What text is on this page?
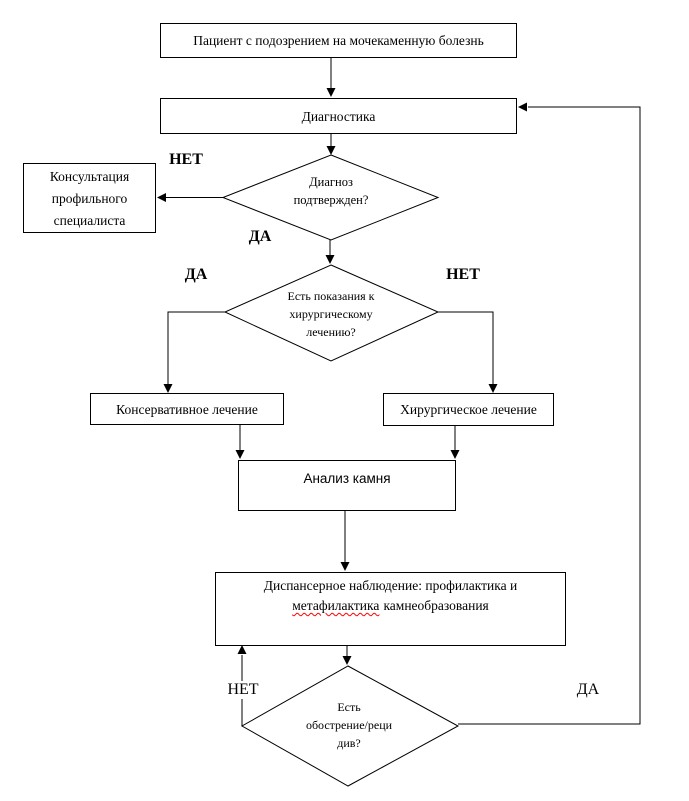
Пациент с подозрением на мочекаменную болезнь
Диагностика
Консультация
профильного
специалиста
Консервативное лечение	Хирургическое лечение
Анализ камня
Диспансерное наблюдение: профилактика и
метафилактика камнеобразования
Диагноз
подтвержден?
Есть показания к
хирургическому
лечению?
Есть
обострение/реци
див?
НЕТ
ДА
ДА	НЕТ
НЕТ	ДА
